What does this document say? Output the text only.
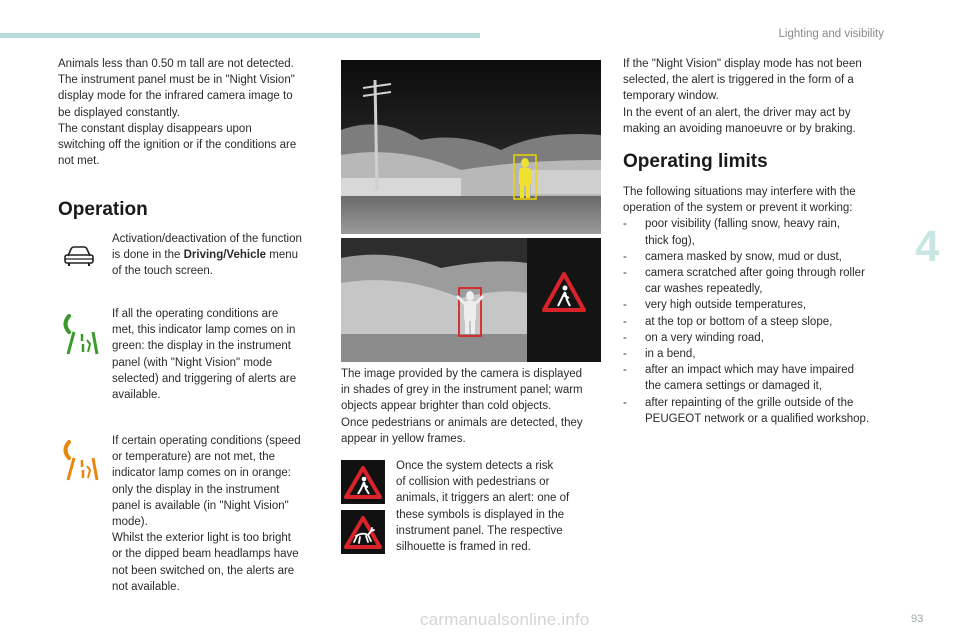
Lighting and visibility
4
Animals less than 0.50 m tall are not detected.
The instrument panel must be in "Night Vision"
display mode for the infrared camera image to
be displayed constantly.
The constant display disappears upon
switching off the ignition or if the conditions are
not met.
Operation
Activation/deactivation of the function
is done in the Driving/Vehicle menu
of the touch screen.
If all the operating conditions are
met, this indicator lamp comes on in
green: the display in the instrument
panel (with "Night Vision" mode
selected) and triggering of alerts are
available.
If certain operating conditions (speed
or temperature) are not met, the
indicator lamp comes on in orange:
only the display in the instrument
panel is available (in "Night Vision"
mode).
Whilst the exterior light is too bright
or the dipped beam headlamps have
not been switched on, the alerts are
not available.
The image provided by the camera is displayed
in shades of grey in the instrument panel; warm
objects appear brighter than cold objects.
Once pedestrians or animals are detected, they
appear in yellow frames.
Once the system detects a risk
of collision with pedestrians or
animals, it triggers an alert: one of
these symbols is displayed in the
instrument panel. The respective
silhouette is framed in red.
If the "Night Vision" display mode has not been
selected, the alert is triggered in the form of a
temporary window.
In the event of an alert, the driver may act by
making an avoiding manoeuvre or by braking.
Operating limits
The following situations may interfere with the
operation of the system or prevent it working:
- poor visibility (falling snow, heavy rain,
thick fog),
- camera masked by snow, mud or dust,
- camera scratched after going through roller
car washes repeatedly,
- very high outside temperatures,
- at the top or bottom of a steep slope,
- on a very winding road,
- in a bend,
- after an impact which may have impaired
the camera settings or damaged it,
- after repainting of the grille outside of the
PEUGEOT network or a qualified workshop.
carmanualsonline.info	93
